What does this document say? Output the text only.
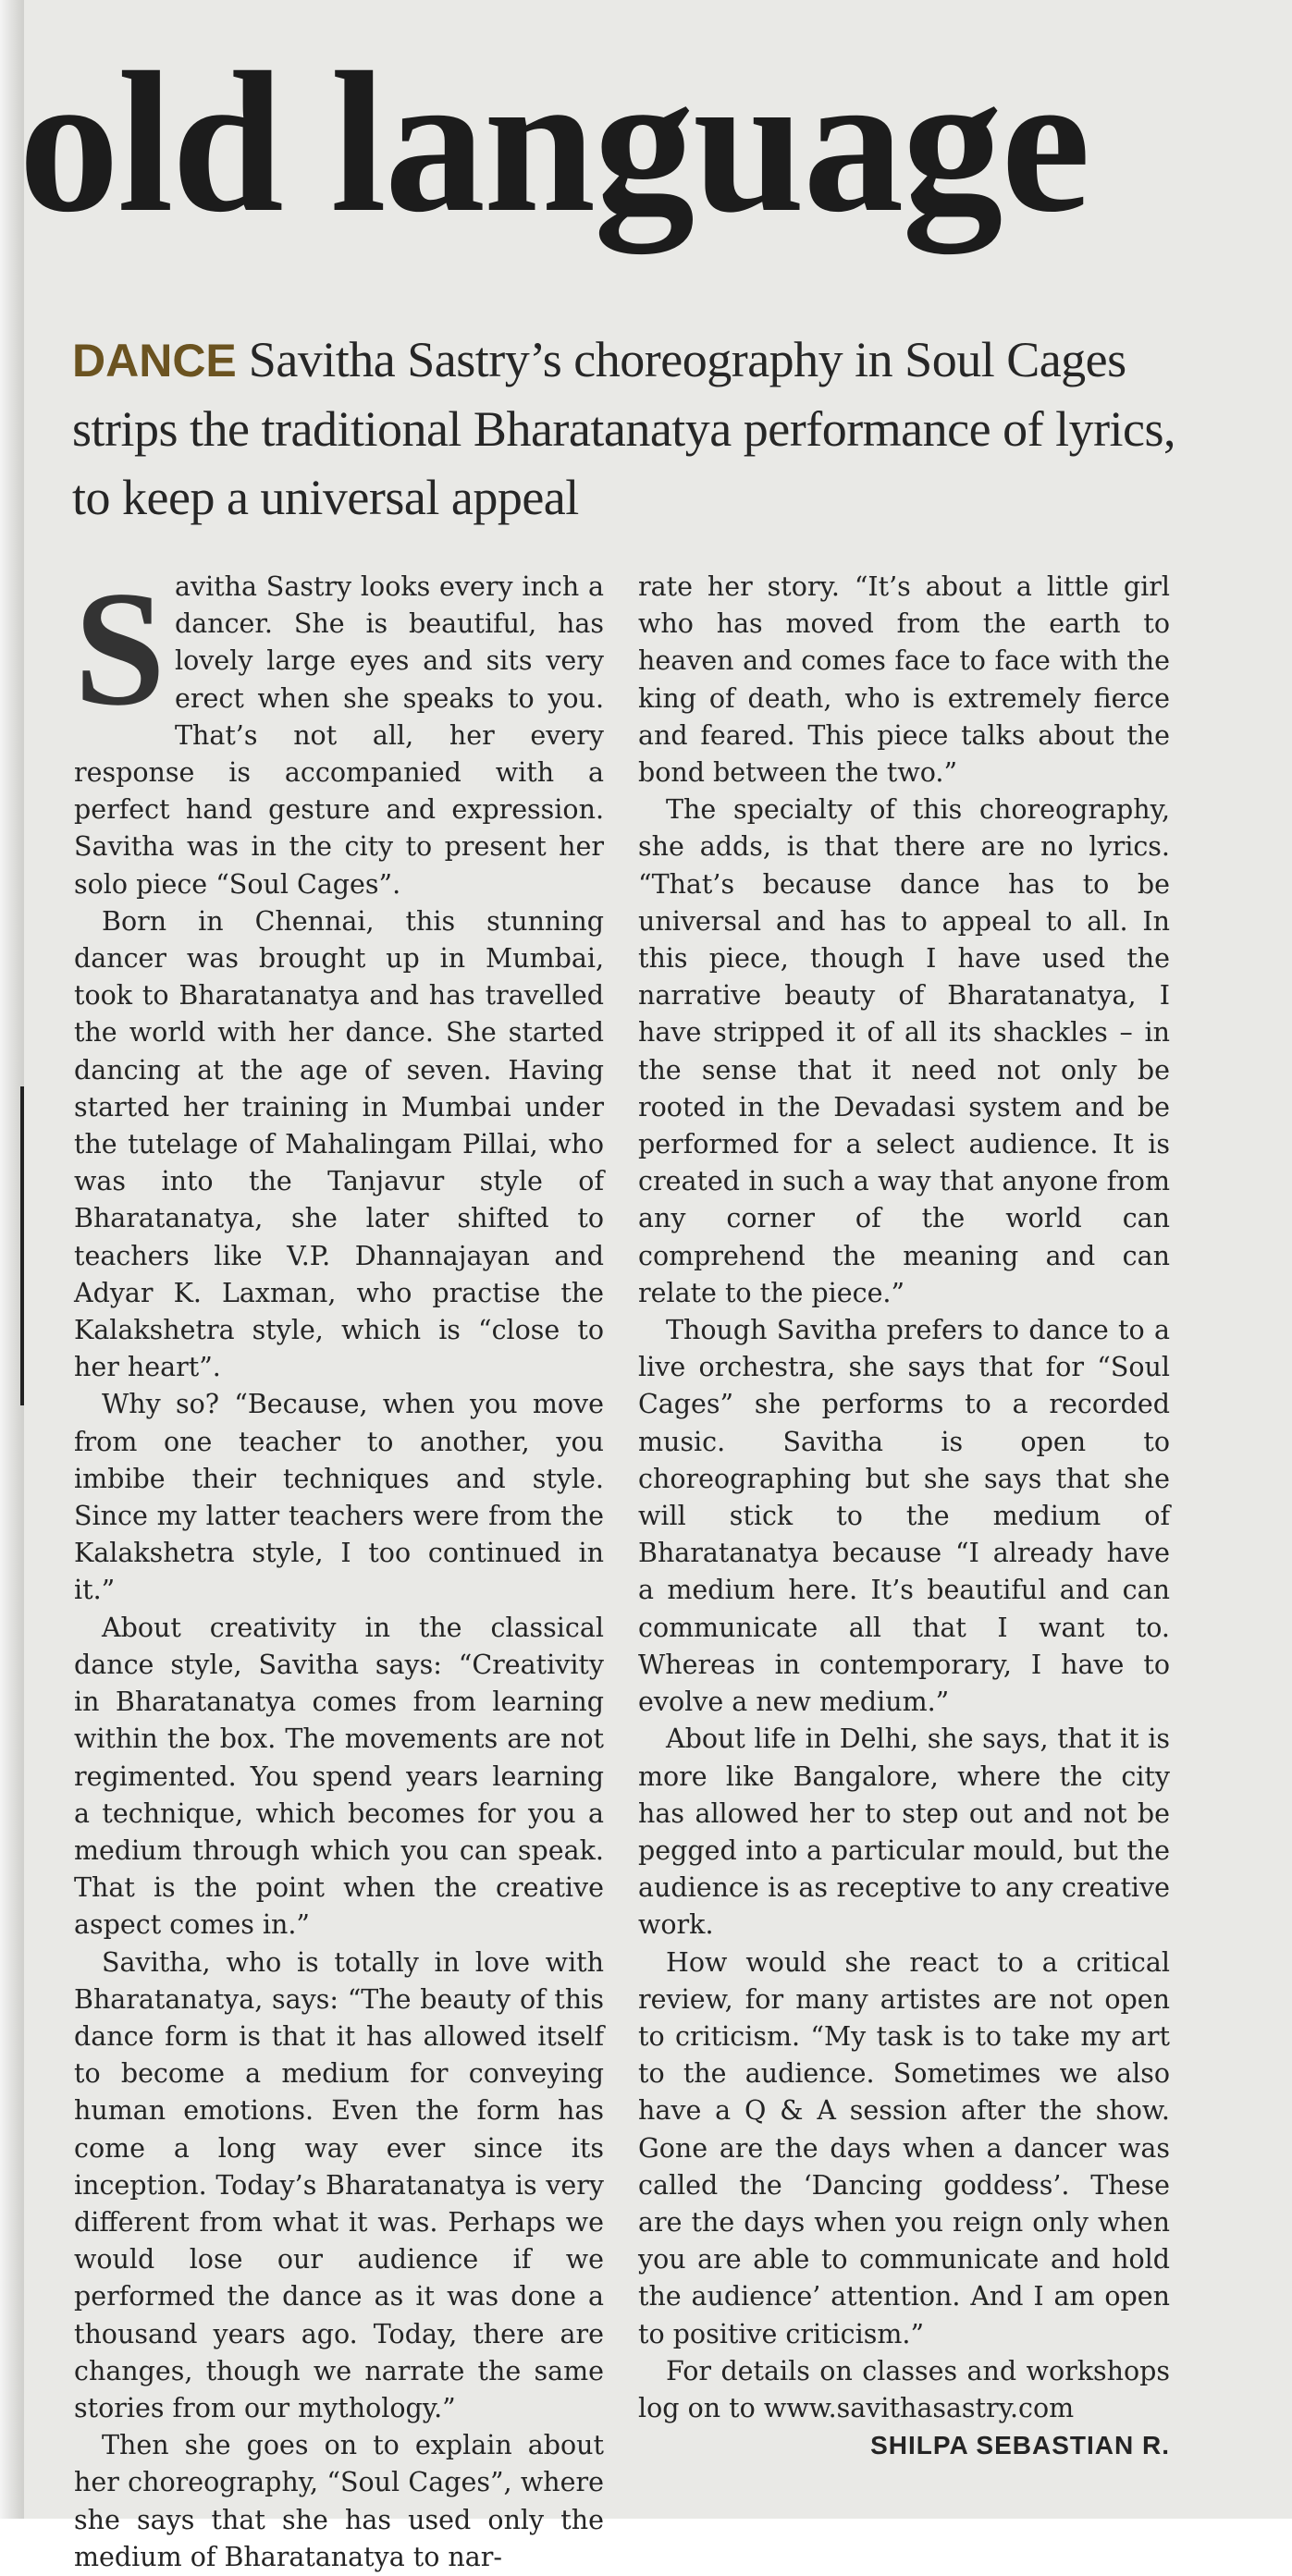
old language

DANCE Savitha Sastry’s choreography in Soul Cages strips the traditional Bharatanatya performance of lyrics, to keep a universal appeal

Savitha Sastry looks every inch a dancer. She is beautiful, has lovely large eyes and sits very erect when she speaks to you. That’s not all, her every response is accompanied with a perfect hand gesture and expression. Savitha was in the city to present her solo piece “Soul Cages”.

Born in Chennai, this stunning dancer was brought up in Mumbai, took to Bharatanatya and has travelled the world with her dance. She started dancing at the age of seven. Having started her training in Mumbai under the tutelage of Mahalingam Pillai, who was into the Tanjavur style of Bharatanatya, she later shifted to teachers like V.P. Dhannajayan and Adyar K. Laxman, who practise the Kalakshetra style, which is “close to her heart”.

Why so? “Because, when you move from one teacher to another, you imbibe their techniques and style. Since my latter teachers were from the Kalakshetra style, I too continued in it.”

About creativity in the classical dance style, Savitha says: “Creativity in Bharatanatya comes from learning within the box. The movements are not regimented. You spend years learning a technique, which becomes for you a medium through which you can speak. That is the point when the creative aspect comes in.”

Savitha, who is totally in love with Bharatanatya, says: “The beauty of this dance form is that it has allowed itself to become a medium for conveying human emotions. Even the form has come a long way ever since its inception. Today’s Bharatanatya is very different from what it was. Perhaps we would lose our audience if we performed the dance as it was done a thousand years ago. Today, there are changes, though we narrate the same stories from our mythology.”

Then she goes on to explain about her choreography, “Soul Cages”, where she says that she has used only the medium of Bharatanatya to nar-

rate her story. “It’s about a little girl who has moved from the earth to heaven and comes face to face with the king of death, who is extremely fierce and feared. This piece talks about the bond between the two.”

The specialty of this choreography, she adds, is that there are no lyrics. “That’s because dance has to be universal and has to appeal to all. In this piece, though I have used the narrative beauty of Bharatanatya, I have stripped it of all its shackles – in the sense that it need not only be rooted in the Devadasi system and be performed for a select audience. It is created in such a way that anyone from any corner of the world can comprehend the meaning and can relate to the piece.”

Though Savitha prefers to dance to a live orchestra, she says that for “Soul Cages” she performs to a recorded music. Savitha is open to choreographing but she says that she will stick to the medium of Bharatanatya because “I already have a medium here. It’s beautiful and can communicate all that I want to. Whereas in contemporary, I have to evolve a new medium.”

About life in Delhi, she says, that it is more like Bangalore, where the city has allowed her to step out and not be pegged into a particular mould, but the audience is as receptive to any creative work.

How would she react to a critical review, for many artistes are not open to criticism. “My task is to take my art to the audience. Sometimes we also have a Q & A session after the show. Gone are the days when a dancer was called the ‘Dancing goddess’. These are the days when you reign only when you are able to communicate and hold the audience’ attention. And I am open to positive criticism.”

For details on classes and workshops log on to www.savithasastry.com

SHILPA SEBASTIAN R.
